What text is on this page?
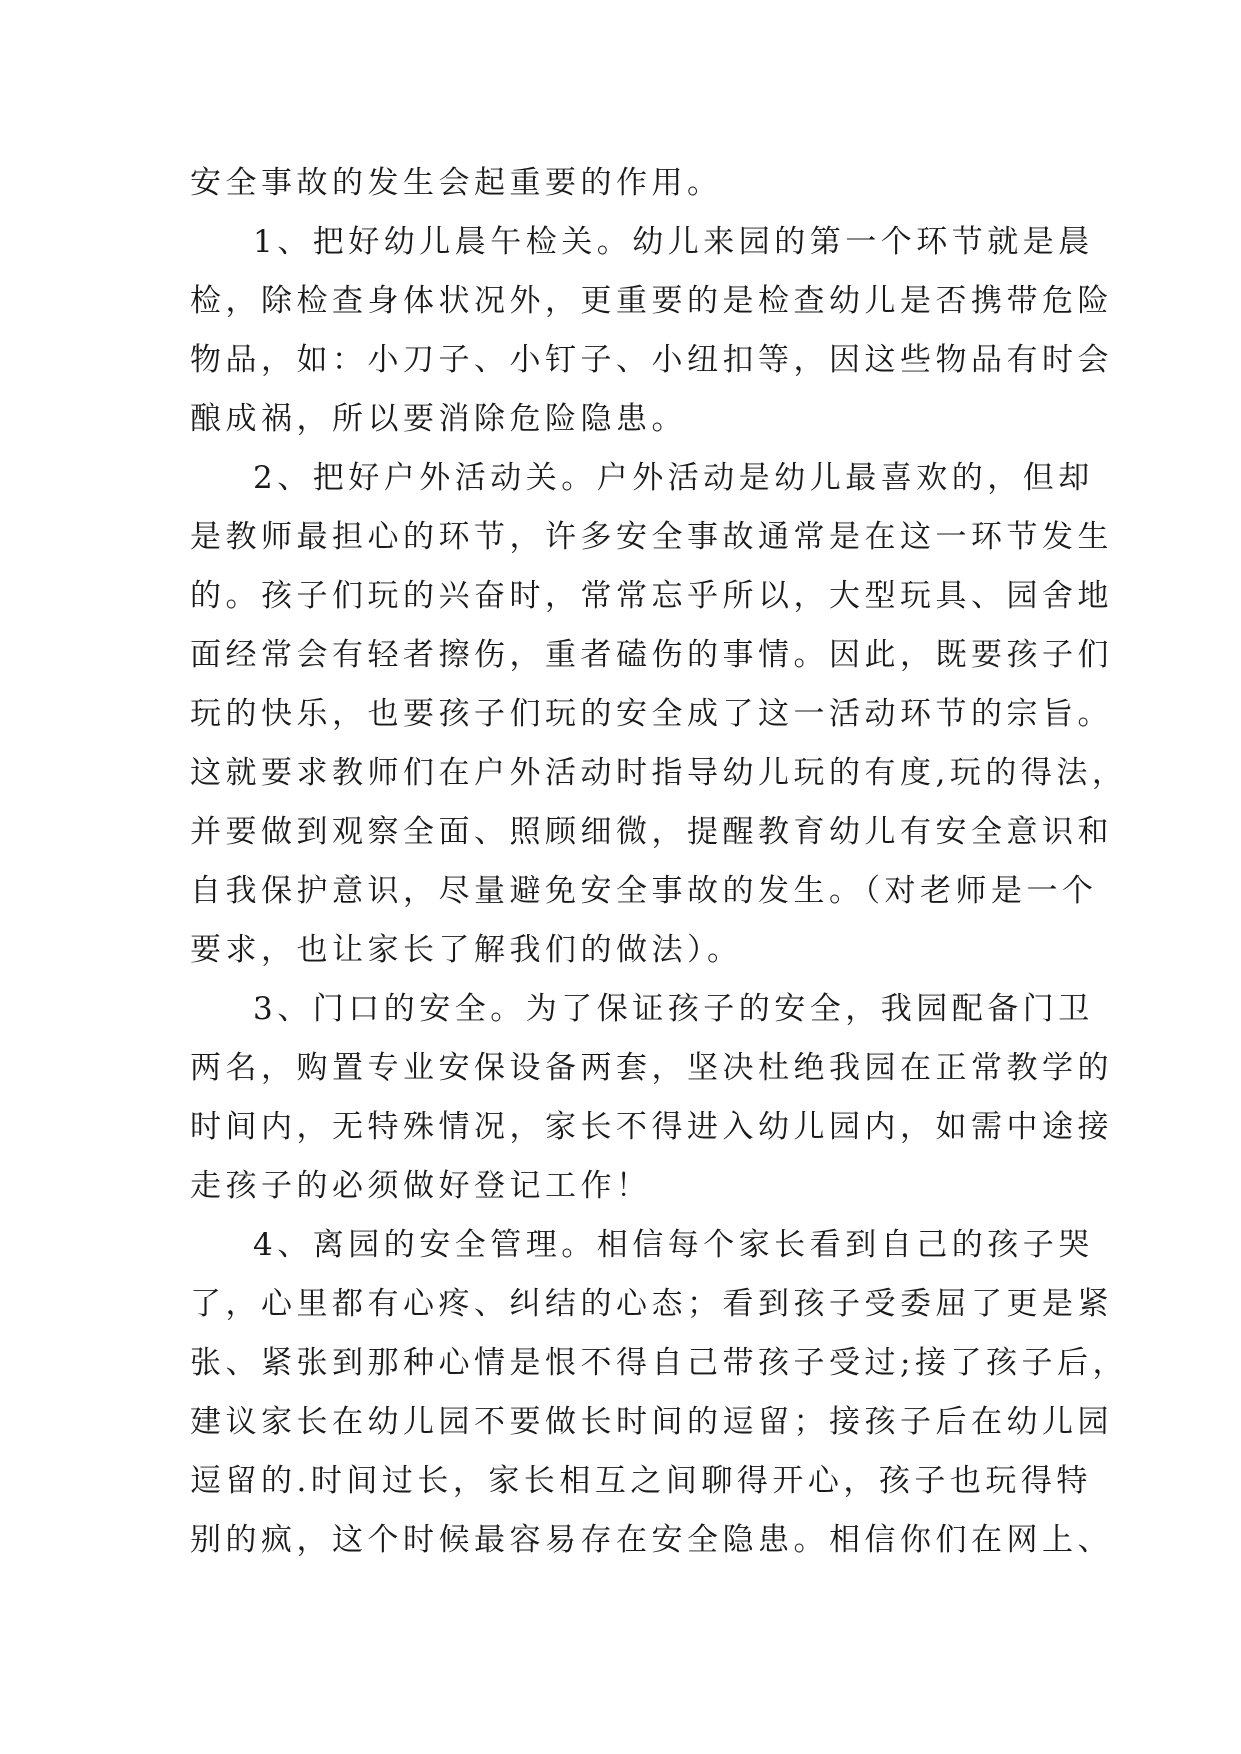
安全事故的发生会起重要的作用。
1、把好幼儿晨午检关。幼儿来园的第一个环节就是晨
检，除检查身体状况外，更重要的是检查幼儿是否携带危险
物品，如：小刀子、小钉子、小纽扣等，因这些物品有时会
酿成祸，所以要消除危险隐患。
2、把好户外活动关。户外活动是幼儿最喜欢的，但却
是教师最担心的环节，许多安全事故通常是在这一环节发生
的。孩子们玩的兴奋时，常常忘乎所以，大型玩具、园舍地
面经常会有轻者擦伤，重者磕伤的事情。因此，既要孩子们
玩的快乐，也要孩子们玩的安全成了这一活动环节的宗旨。
这就要求教师们在户外活动时指导幼儿玩的有度,玩的得法，
并要做到观察全面、照顾细微，提醒教育幼儿有安全意识和
自我保护意识，尽量避免安全事故的发生。（对老师是一个
要求，也让家长了解我们的做法）。
3、门口的安全。为了保证孩子的安全，我园配备门卫
两名，购置专业安保设备两套，坚决杜绝我园在正常教学的
时间内，无特殊情况，家长不得进入幼儿园内，如需中途接
走孩子的必须做好登记工作！
4、离园的安全管理。相信每个家长看到自己的孩子哭
了，心里都有心疼、纠结的心态；看到孩子受委屈了更是紧
张、紧张到那种心情是恨不得自己带孩子受过;接了孩子后，
建议家长在幼儿园不要做长时间的逗留；接孩子后在幼儿园
逗留的.时间过长，家长相互之间聊得开心，孩子也玩得特
别的疯，这个时候最容易存在安全隐患。相信你们在网上、
